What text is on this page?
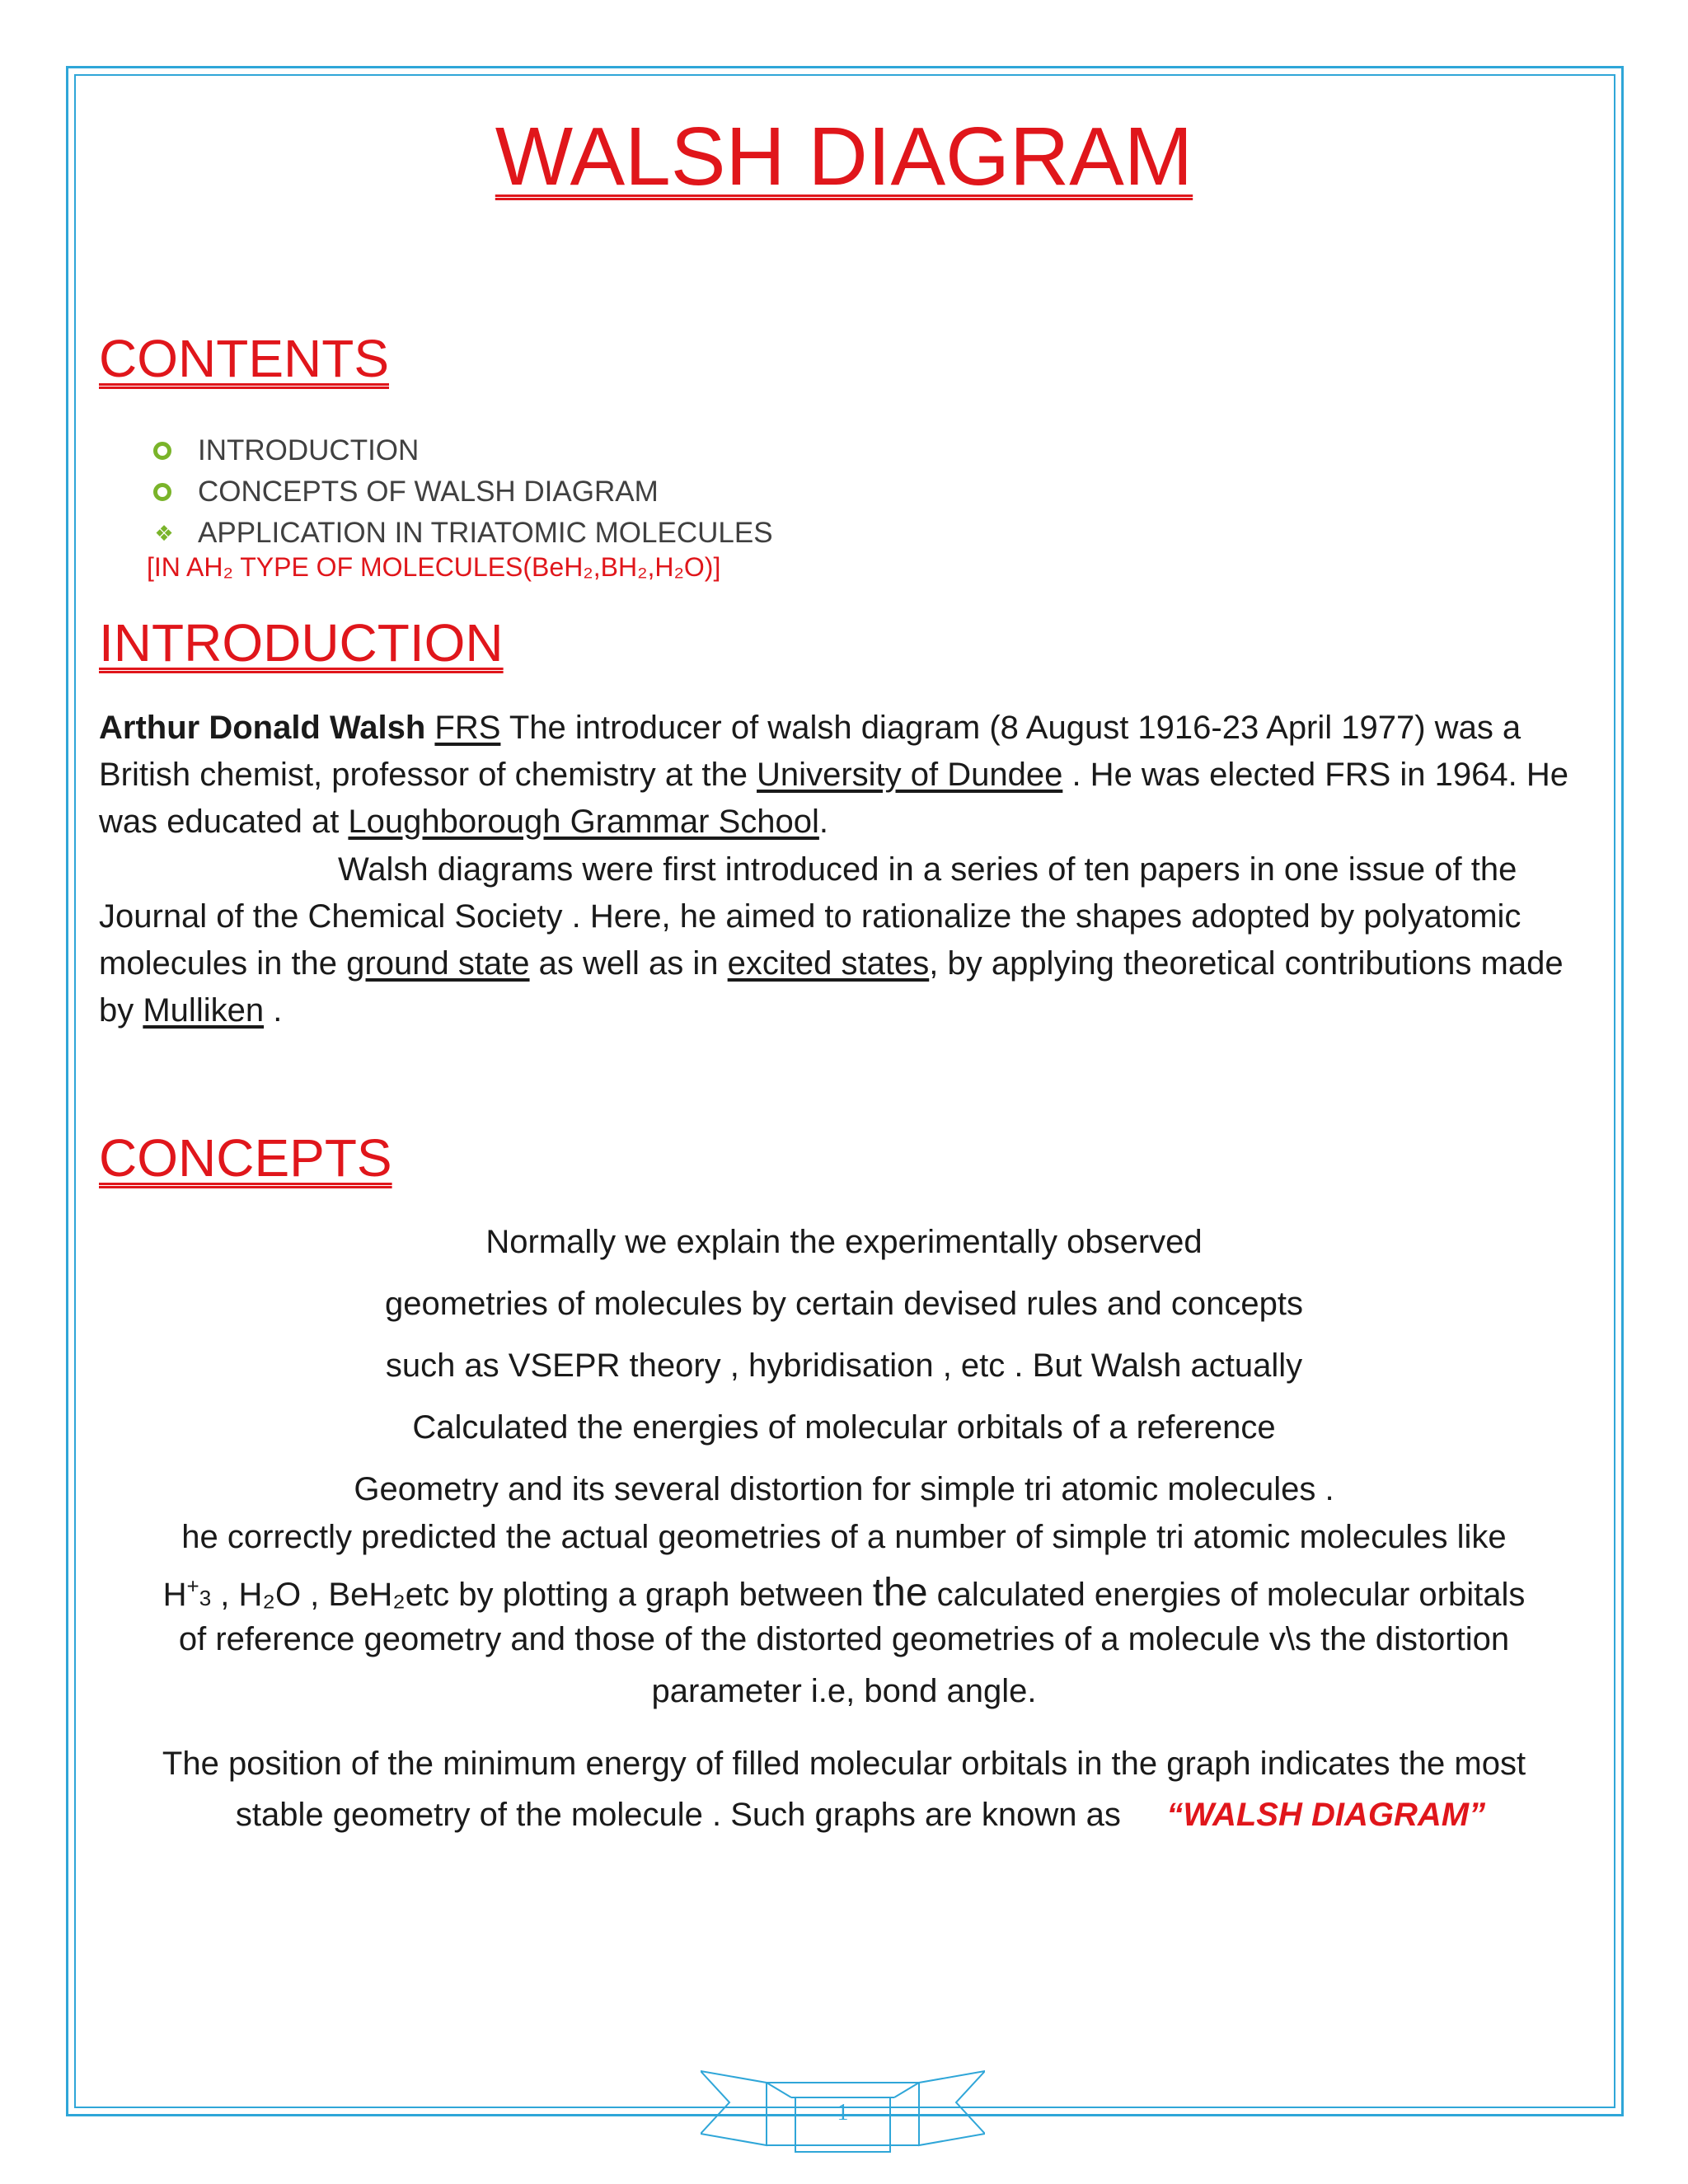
WALSH DIAGRAM
CONTENTS
INTRODUCTION
CONCEPTS OF WALSH DIAGRAM
❖ APPLICATION IN TRIATOMIC MOLECULES
[IN AH₂ TYPE OF MOLECULES(BeH₂,BH₂,H₂O)]
INTRODUCTION
Arthur Donald Walsh FRS The introducer of walsh diagram (8 August 1916-23 April 1977) was a British chemist, professor of chemistry at the University of Dundee . He was elected FRS in 1964. He was educated at Loughborough Grammar School.
Walsh diagrams were first introduced in a series of ten papers in one issue of the Journal of the Chemical Society . Here, he aimed to rationalize the shapes adopted by polyatomic molecules in the ground state as well as in excited states, by applying theoretical contributions made by Mulliken .
CONCEPTS
Normally we explain the experimentally observed
geometries of molecules by certain devised rules and concepts
such as VSEPR theory , hybridisation , etc . But Walsh actually
Calculated the energies of molecular orbitals of a reference
Geometry and its several distortion for simple tri atomic molecules .
he correctly predicted the actual geometries of a number of simple tri atomic molecules like
H+3 , H₂O , BeH₂etc by plotting a graph between the calculated energies of molecular orbitals
of reference geometry and those of the distorted geometries of a molecule v\s the distortion
parameter i.e, bond angle.
The position of the minimum energy of filled molecular orbitals in the graph indicates the most
stable geometry of the molecule . Such graphs are known as     “WALSH DIAGRAM”
1
